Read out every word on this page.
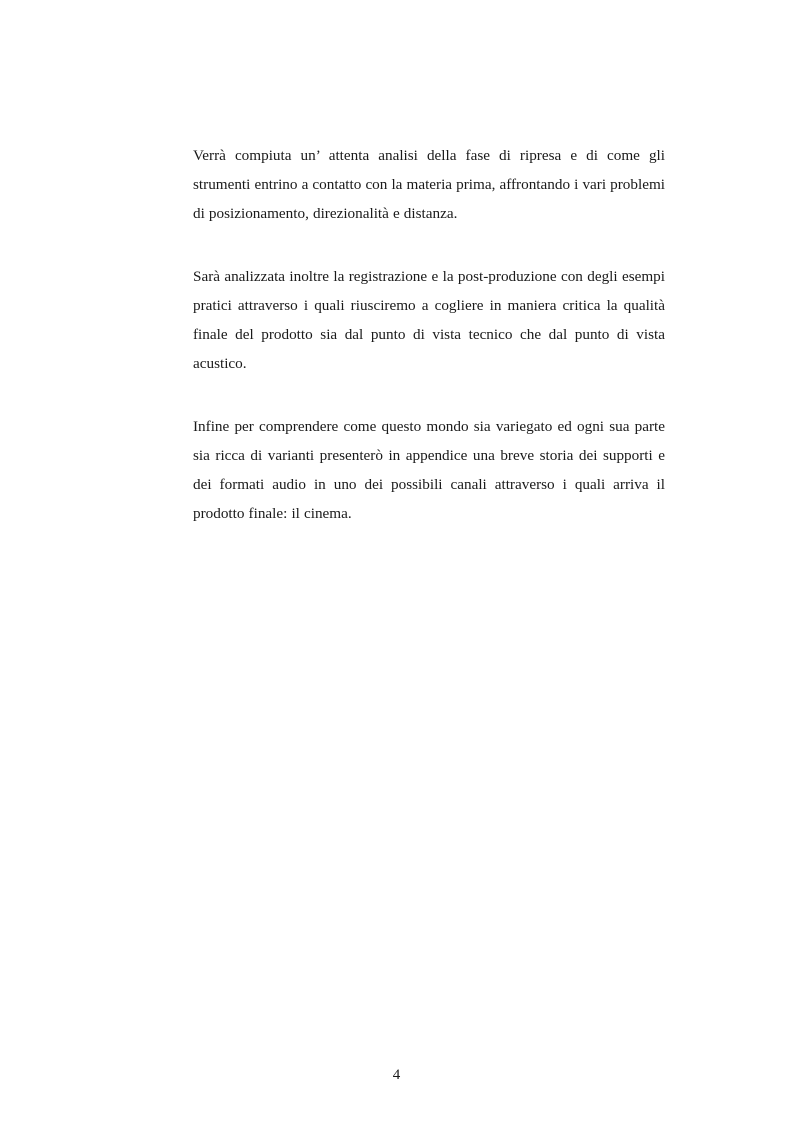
Verrà compiuta un’ attenta analisi della fase di ripresa e di come gli strumenti entrino a contatto con la materia prima, affrontando i vari problemi di posizionamento, direzionalità e distanza.

Sarà analizzata inoltre la registrazione e la post-produzione con degli esempi pratici attraverso i quali riusciremo a cogliere in maniera critica la qualità finale del prodotto sia dal punto di vista tecnico che dal punto di vista acustico.

Infine per comprendere come questo mondo sia variegato ed ogni sua parte sia ricca di varianti presenterò in appendice una breve storia dei supporti e dei formati audio in uno dei possibili canali attraverso i quali arriva il prodotto finale: il cinema.

4
